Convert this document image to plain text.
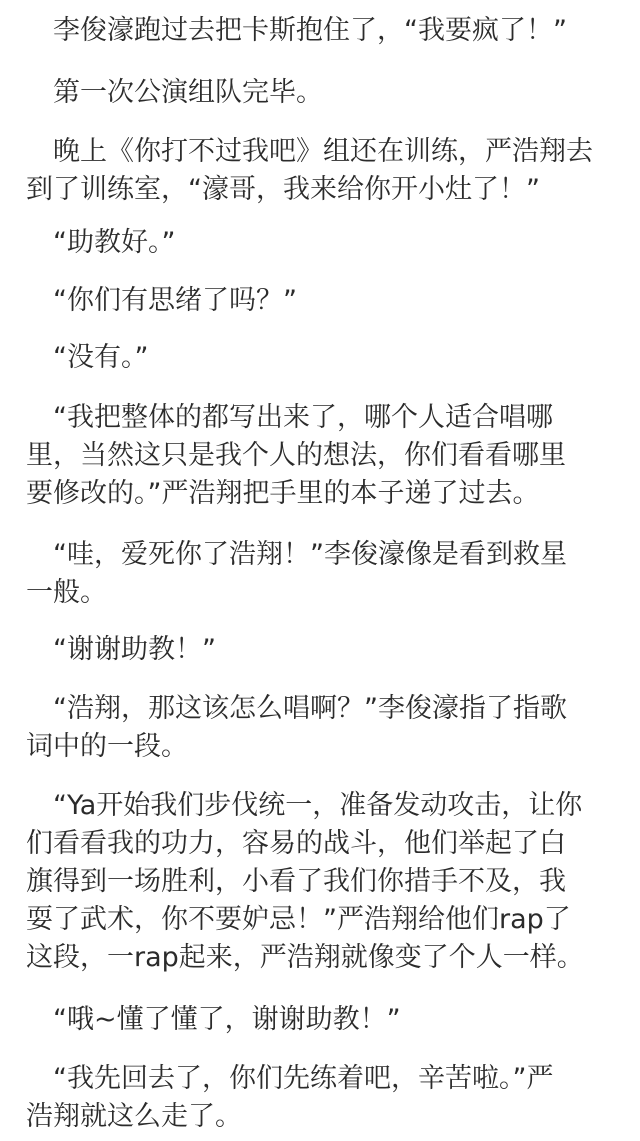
　李俊濠跑过去把卡斯抱住了，“我要疯了！”
　第一次公演组队完毕。
　晚上《你打不过我吧》组还在训练，严浩翔去
到了训练室，“濠哥，我来给你开小灶了！”
　“助教好。”
　“你们有思绪了吗？”
　“没有。”
　“我把整体的都写出来了，哪个人适合唱哪
里，当然这只是我个人的想法，你们看看哪里
要修改的。”严浩翔把手里的本子递了过去。
　“哇，爱死你了浩翔！”李俊濠像是看到救星
一般。
　“谢谢助教！”
　“浩翔，那这该怎么唱啊？”李俊濠指了指歌
词中的一段。
　“Ya开始我们步伐统一，准备发动攻击，让你
们看看我的功力，容易的战斗，他们举起了白
旗得到一场胜利，小看了我们你措手不及，我
耍了武术，你不要妒忌！”严浩翔给他们rap了
这段，一rap起来，严浩翔就像变了个人一样。
　“哦~懂了懂了，谢谢助教！”
　“我先回去了，你们先练着吧，辛苦啦。”严
浩翔就这么走了。
